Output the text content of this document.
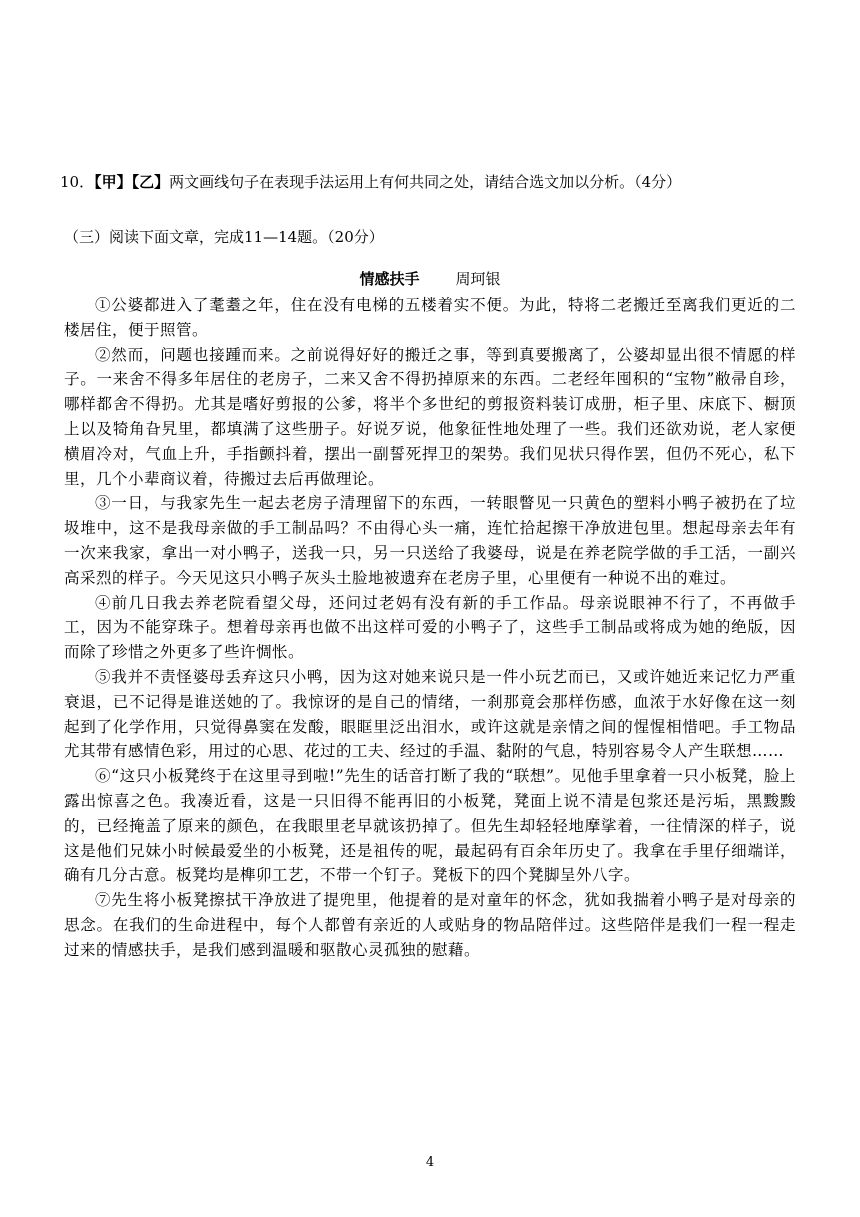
10．【甲】【乙】两文画线句子在表现手法运用上有何共同之处，请结合选文加以分析。（4分）
（三）阅读下面文章，完成11—14题。（20分）
情感扶手 周珂银

①公婆都进入了耄耋之年，住在没有电梯的五楼着实不便。为此，特将二老搬迁至离我们更近的二楼居住，便于照管。

②然而，问题也接踵而来。之前说得好好的搬迁之事，等到真要搬离了，公婆却显出很不情愿的样子。一来舍不得多年居住的老房子，二来又舍不得扔掉原来的东西。二老经年囤积的“宝物”敝帚自珍，哪样都舍不得扔。尤其是嗜好剪报的公爹，将半个多世纪的剪报资料装订成册，柜子里、床底下、橱顶上以及犄角旮旯里，都填满了这些册子。好说歹说，他象征性地处理了一些。我们还欲劝说，老人家便横眉冷对，气血上升，手指颤抖着，摆出一副誓死捍卫的架势。我们见状只得作罢，但仍不死心，私下里，几个小辈商议着，待搬过去后再做理论。

③一日，与我家先生一起去老房子清理留下的东西，一转眼瞥见一只黄色的塑料小鸭子被扔在了垃圾堆中，这不是我母亲做的手工制品吗？不由得心头一痛，连忙拾起擦干净放进包里。想起母亲去年有一次来我家，拿出一对小鸭子，送我一只，另一只送给了我婆母，说是在养老院学做的手工活，一副兴高采烈的样子。今天见这只小鸭子灰头土脸地被遗弃在老房子里，心里便有一种说不出的难过。

④前几日我去养老院看望父母，还问过老妈有没有新的手工作品。母亲说眼神不行了，不再做手工，因为不能穿珠子。想着母亲再也做不出这样可爱的小鸭子了，这些手工制品或将成为她的绝版，因而除了珍惜之外更多了些许惆怅。

⑤我并不责怪婆母丢弃这只小鸭，因为这对她来说只是一件小玩艺而已，又或许她近来记忆力严重衰退，已不记得是谁送她的了。我惊讶的是自己的情绪，一刹那竟会那样伤感，血浓于水好像在这一刻起到了化学作用，只觉得鼻窦在发酸，眼眶里泛出泪水，或许这就是亲情之间的惺惺相惜吧。手工物品尤其带有感情色彩，用过的心思、花过的工夫、经过的手温、黏附的气息，特别容易令人产生联想……

⑥“这只小板凳终于在这里寻到啦!”先生的话音打断了我的“联想”。见他手里拿着一只小板凳，脸上露出惊喜之色。我凑近看，这是一只旧得不能再旧的小板凳，凳面上说不清是包浆还是污垢，黑黢黢的，已经掩盖了原来的颜色，在我眼里老早就该扔掉了。但先生却轻轻地摩挲着，一往情深的样子，说这是他们兄妹小时候最爱坐的小板凳，还是祖传的呢，最起码有百余年历史了。我拿在手里仔细端详，确有几分古意。板凳均是榫卯工艺，不带一个钉子。凳板下的四个凳脚呈外八字。

⑦先生将小板凳擦拭干净放进了提兜里，他提着的是对童年的怀念，犹如我揣着小鸭子是对母亲的思念。在我们的生命进程中，每个人都曾有亲近的人或贴身的物品陪伴过。这些陪伴是我们一程一程走过来的情感扶手，是我们感到温暖和驱散心灵孤独的慰藉。

4
